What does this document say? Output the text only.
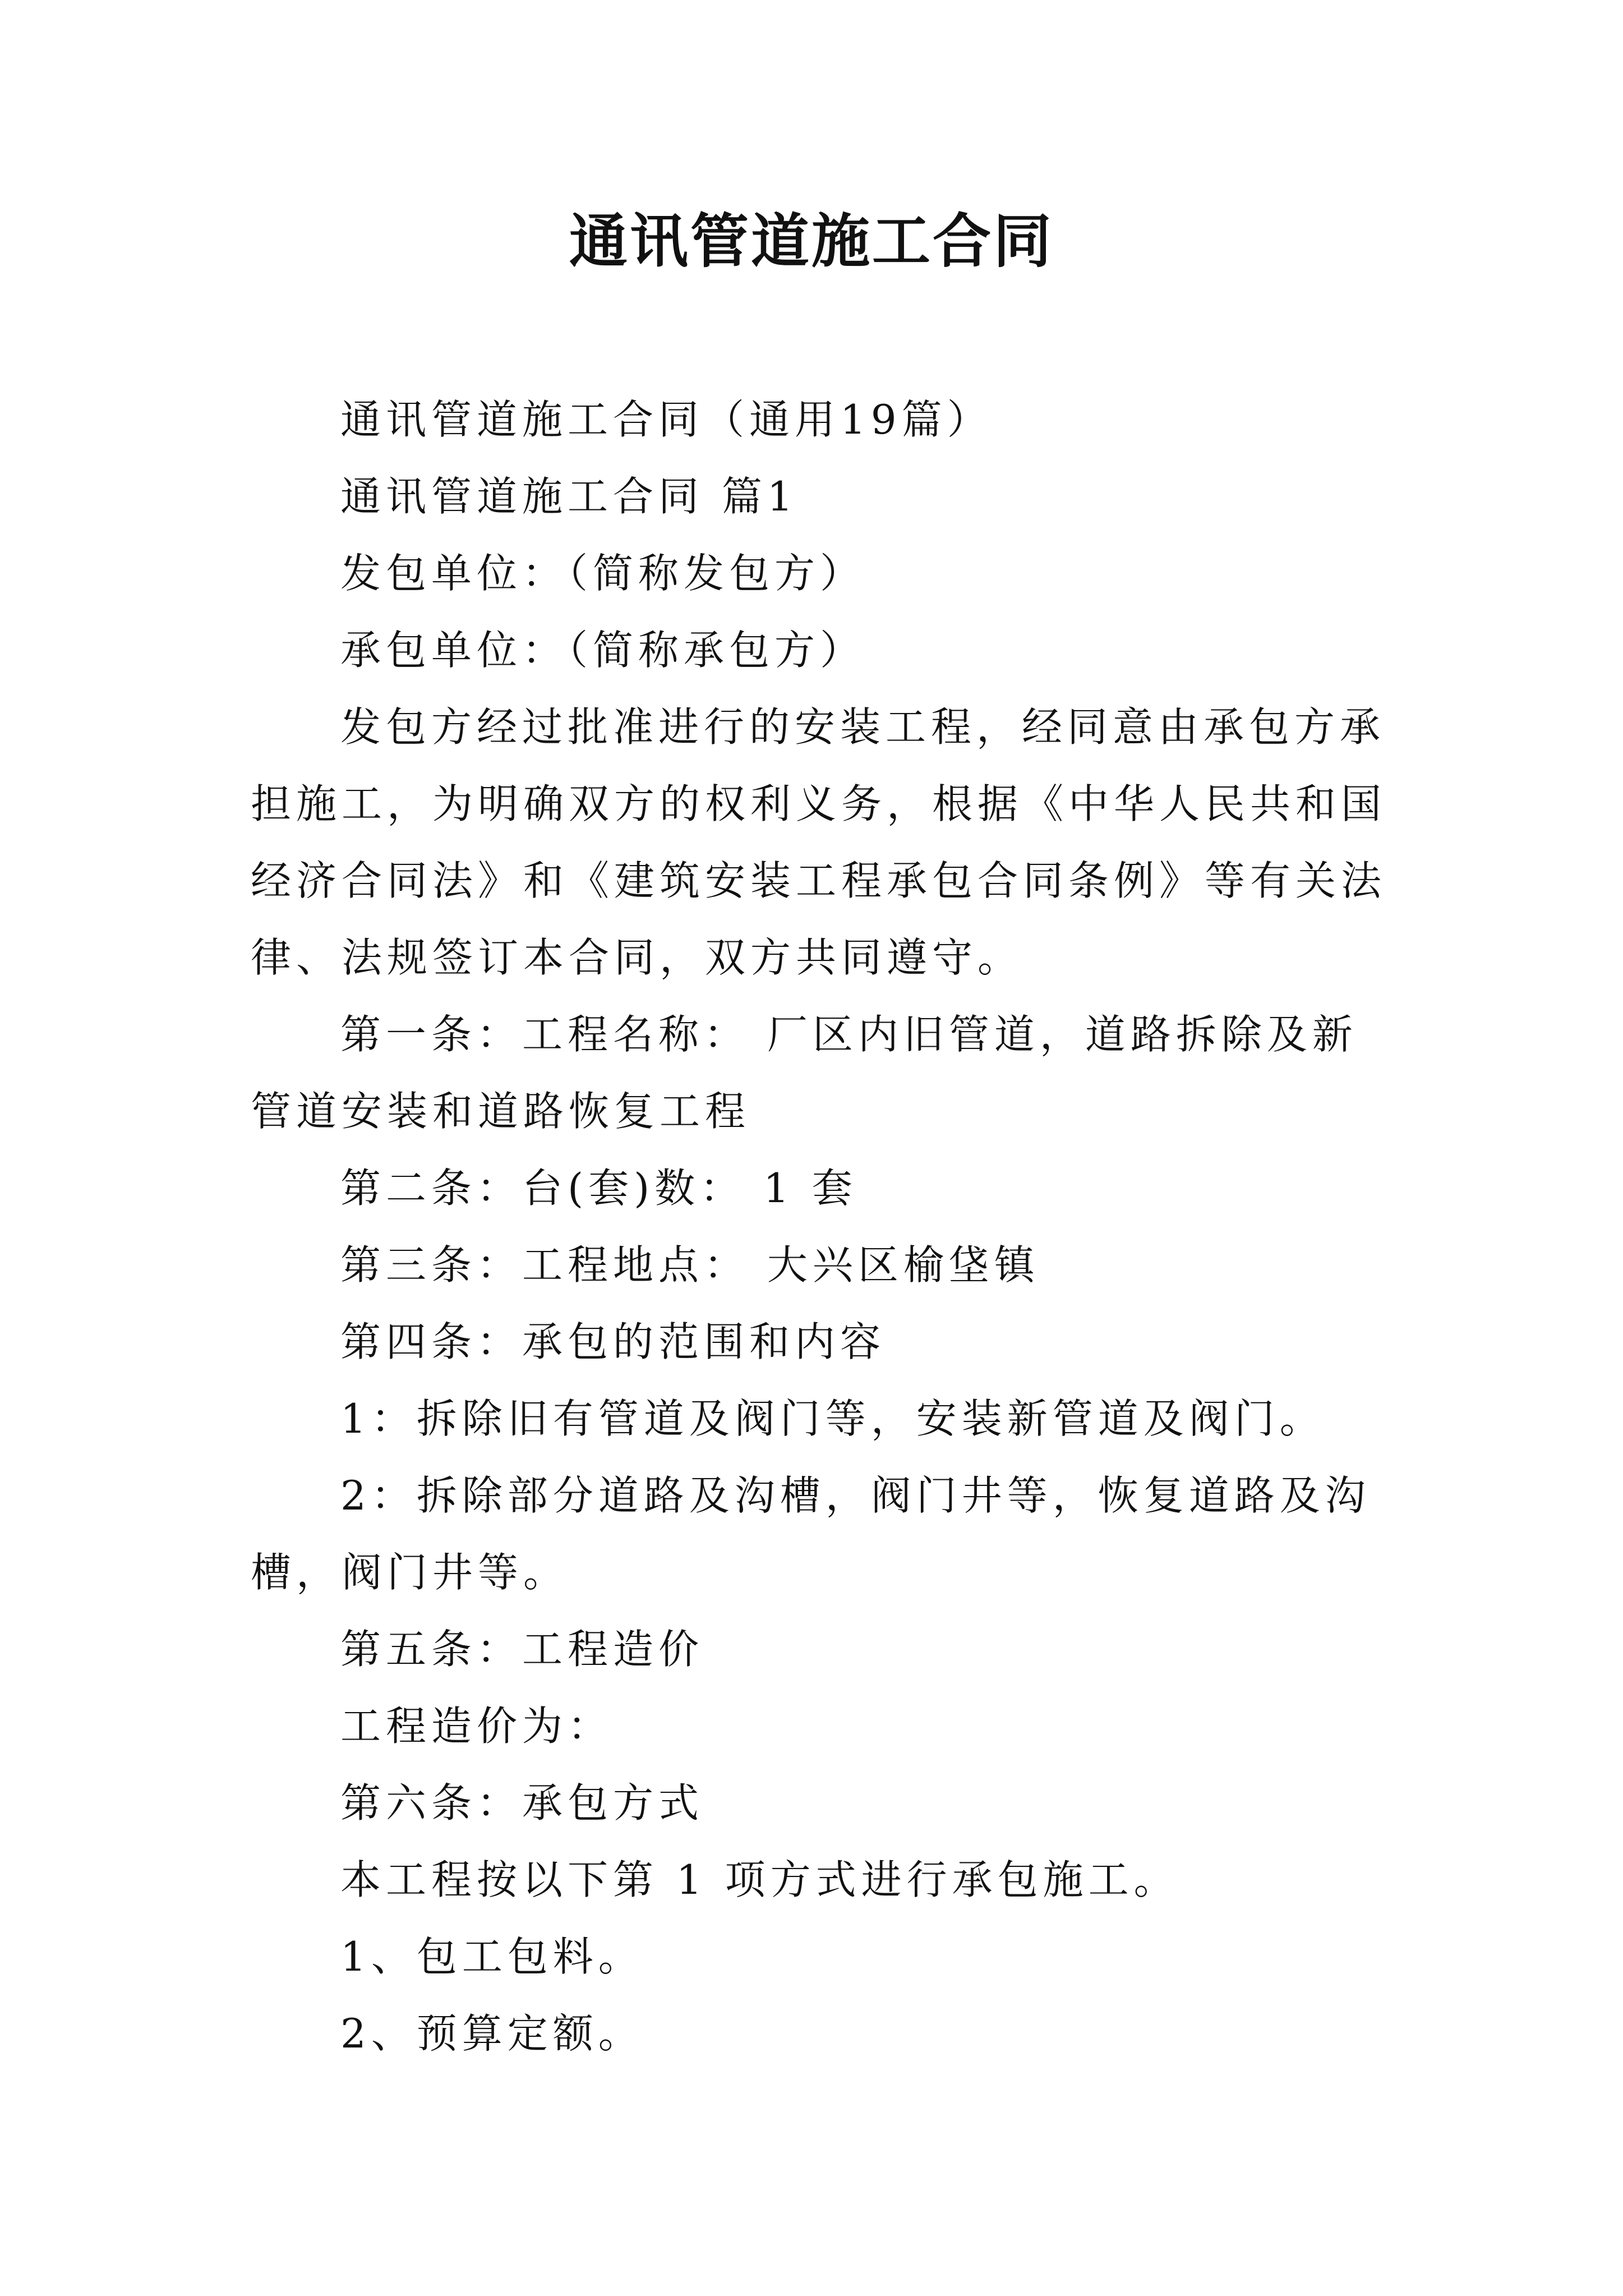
通讯管道施工合同

通讯管道施工合同（通用19篇）

通讯管道施工合同 篇1

发包单位：（简称发包方）

承包单位：（简称承包方）

发包方经过批准进行的安装工程，经同意由承包方承担施工，为明确双方的权利义务，根据《中华人民共和国经济合同法》和《建筑安装工程承包合同条例》等有关法律、法规签订本合同，双方共同遵守。

第一条：工程名称： 厂区内旧管道，道路拆除及新管道安装和道路恢复工程

第二条：台(套)数： 1 套

第三条：工程地点： 大兴区榆垡镇

第四条：承包的范围和内容

1：拆除旧有管道及阀门等，安装新管道及阀门。

2：拆除部分道路及沟槽，阀门井等，恢复道路及沟槽，阀门井等。

第五条：工程造价

工程造价为：

第六条：承包方式

本工程按以下第 1 项方式进行承包施工。

1、包工包料。

2、预算定额。
